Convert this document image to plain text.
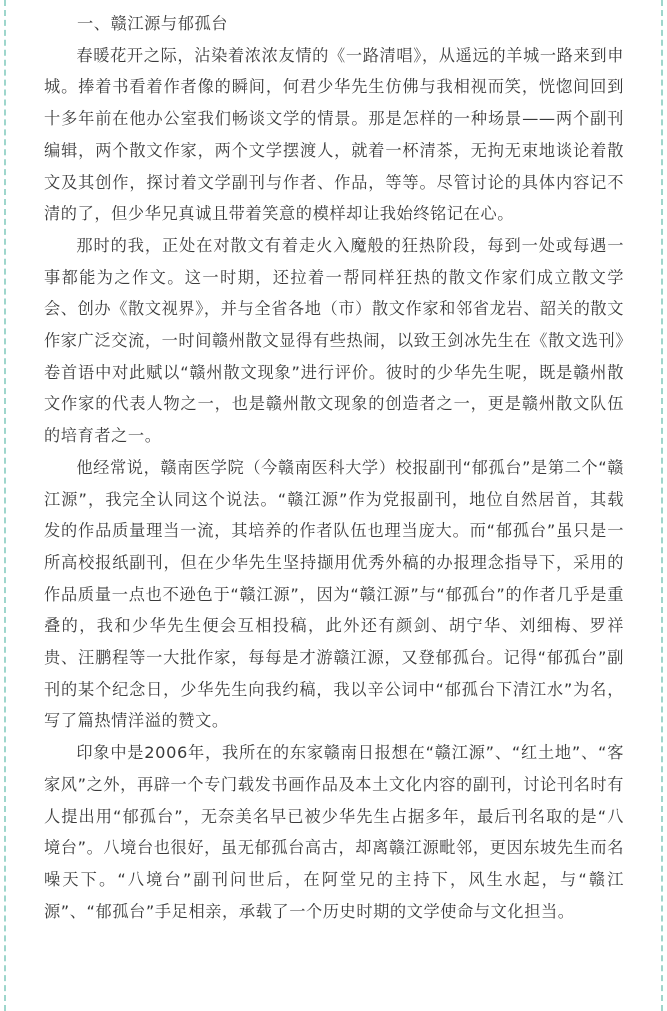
一、赣江源与郁孤台

春暖花开之际，沾染着浓浓友情的《一路清唱》，从遥远的羊城一路来到申城。捧着书看着作者像的瞬间，何君少华先生仿佛与我相视而笑，恍惚间回到十多年前在他办公室我们畅谈文学的情景。那是怎样的一种场景——两个副刊编辑，两个散文作家，两个文学摆渡人，就着一杯清茶，无拘无束地谈论着散文及其创作，探讨着文学副刊与作者、作品，等等。尽管讨论的具体内容记不清的了，但少华兄真诚且带着笑意的模样却让我始终铭记在心。

那时的我，正处在对散文有着走火入魔般的狂热阶段，每到一处或每遇一事都能为之作文。这一时期，还拉着一帮同样狂热的散文作家们成立散文学会、创办《散文视界》，并与全省各地（市）散文作家和邻省龙岩、韶关的散文作家广泛交流，一时间赣州散文显得有些热闹，以致王剑冰先生在《散文选刊》卷首语中对此赋以“赣州散文现象”进行评价。彼时的少华先生呢，既是赣州散文作家的代表人物之一，也是赣州散文现象的创造者之一，更是赣州散文队伍的培育者之一。

他经常说，赣南医学院（今赣南医科大学）校报副刊“郁孤台”是第二个“赣江源”，我完全认同这个说法。“赣江源”作为党报副刊，地位自然居首，其载发的作品质量理当一流，其培养的作者队伍也理当庞大。而“郁孤台”虽只是一所高校报纸副刊，但在少华先生坚持撷用优秀外稿的办报理念指导下，采用的作品质量一点也不逊色于“赣江源”，因为“赣江源”与“郁孤台”的作者几乎是重叠的，我和少华先生便会互相投稿，此外还有颜剑、胡宁华、刘细梅、罗祥贵、汪鹏程等一大批作家，每每是才游赣江源，又登郁孤台。记得“郁孤台”副刊的某个纪念日，少华先生向我约稿，我以辛公词中“郁孤台下清江水”为名，写了篇热情洋溢的赞文。

印象中是2006年，我所在的东家赣南日报想在“赣江源”、“红土地”、“客家风”之外，再辟一个专门载发书画作品及本土文化内容的副刊，讨论刊名时有人提出用“郁孤台”，无奈美名早已被少华先生占据多年，最后刊名取的是“八境台”。八境台也很好，虽无郁孤台高古，却离赣江源毗邻，更因东坡先生而名噪天下。“八境台”副刊问世后，在阿堂兄的主持下，风生水起，与“赣江源”、“郁孤台”手足相亲，承载了一个历史时期的文学使命与文化担当。
